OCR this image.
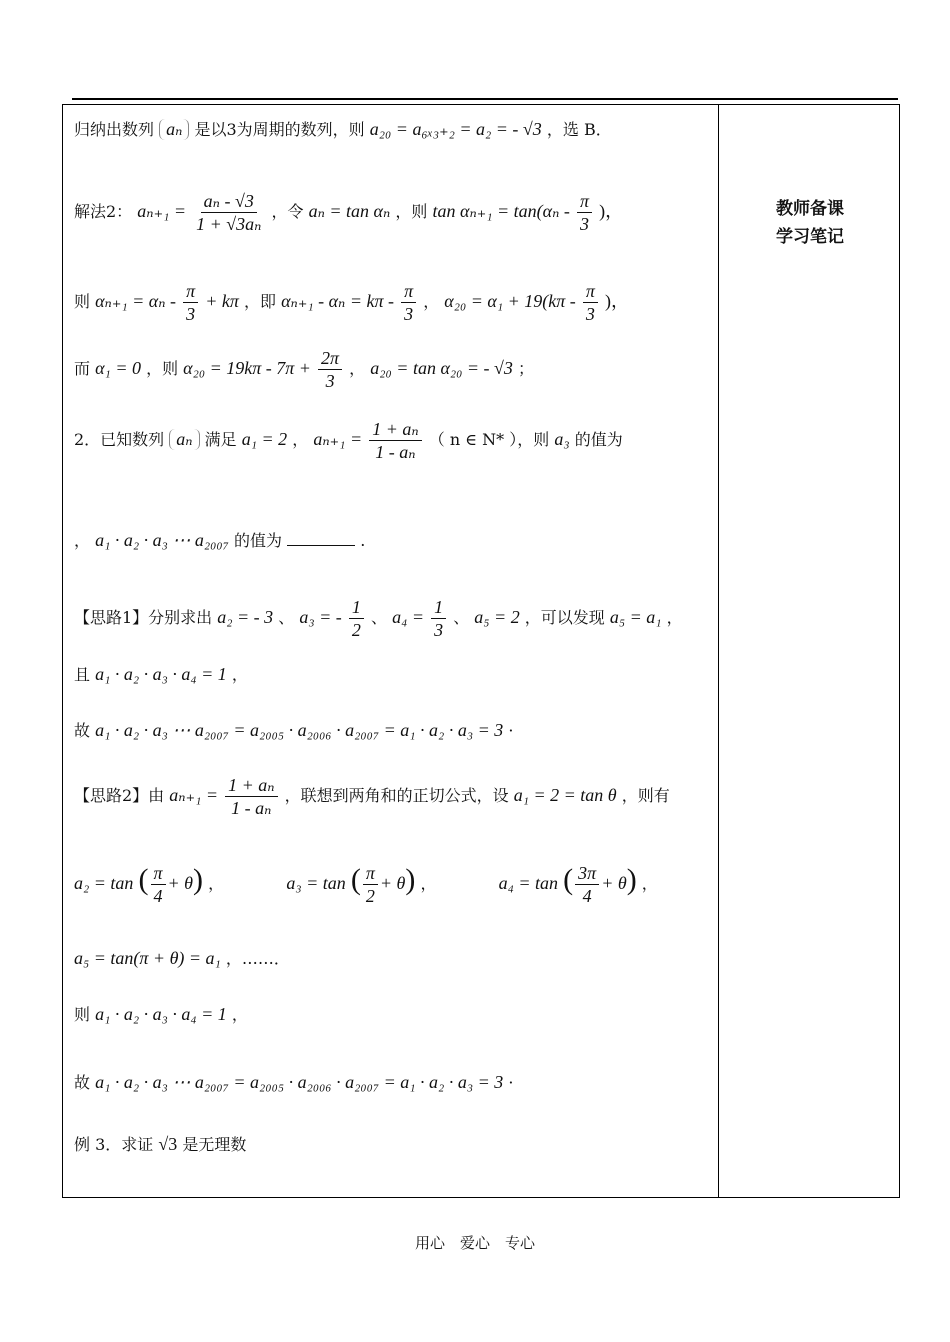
教师备课
学习笔记
归纳出数列 aₙ 是以3为周期的数列，则 a₂₀ = a₆ₓ₃₊₂ = a₂ = - √3 ，选 B．
解法2： $a_{n+1} = \frac{\text{aₙ - √3}}{\text{1 + √3aₙ}}$ ，令 aₙ = tan αₙ ，则 $\tan \alpha_{n+1} = \tan(\alpha_n - \frac{\pi}{3}$ )，
则 $\alpha_{n+1} = \alpha_n - \frac{\pi}{3} + k\pi$ ，即 $\alpha_{n+1} - \alpha_n = k\pi - \frac{\pi}{3}$ ， $\alpha_{20} = \alpha_1 + 19(k\pi - \frac{\pi}{3}$ )，
而 α₁ = 0 ，则 $\alpha_{20} = 19k\pi - 7\pi + \frac{2\pi}{3}$ ， a₂₀ = tan α₂₀ = - √3 ；
2．已知数列 aₙ 满足 a₁ = 2 ， $a_{n+1} = \frac{\text{1 + aₙ}}{\text{1 - aₙ}}$ （ n ∈ N* ），则 a₃ 的值为
， a₁ · a₂ · a₃ ⋯ a₂₀₀₇ 的值为	.
【思路1】分别求出 a₂ = - 3 、 a₃ = - $\frac{1}{2}$ 、 $a_4 = \frac{1}{3}$ 、 a₅ = 2 ，可以发现 a₅ = a₁ ，
且 a₁ · a₂ · a₃ · a₄ = 1 ，
故 a₁ · a₂ · a₃ ⋯ a₂₀₀₇ = a₂₀₀₅ · a₂₀₀₆ · a₂₀₀₇ = a₁ · a₂ · a₃ = 3 ·
【思路2】由 $a_{n+1} = \frac{\text{1 + aₙ}}{\text{1 - aₙ}}$ ，联想到两角和的正切公式，设 a₁ = 2 = tan θ ，则有
a₂ = tan ( $\frac{\pi}{4} + \theta$) ，	a₃ = tan ( $\frac{\pi}{2} + \theta$) ，	a₄ = tan ( $\frac{3\pi}{4} + \theta$) ，
a₅ = tan(π + θ) = a₁ ，……．
则 a₁ · a₂ · a₃ · a₄ = 1 ，
故 a₁ · a₂ · a₃ ⋯ a₂₀₀₇ = a₂₀₀₅ · a₂₀₀₆ · a₂₀₀₇ = a₁ · a₂ · a₃ = 3 ·
例 3．求证 √3 是无理数
用心　爱心　专心
